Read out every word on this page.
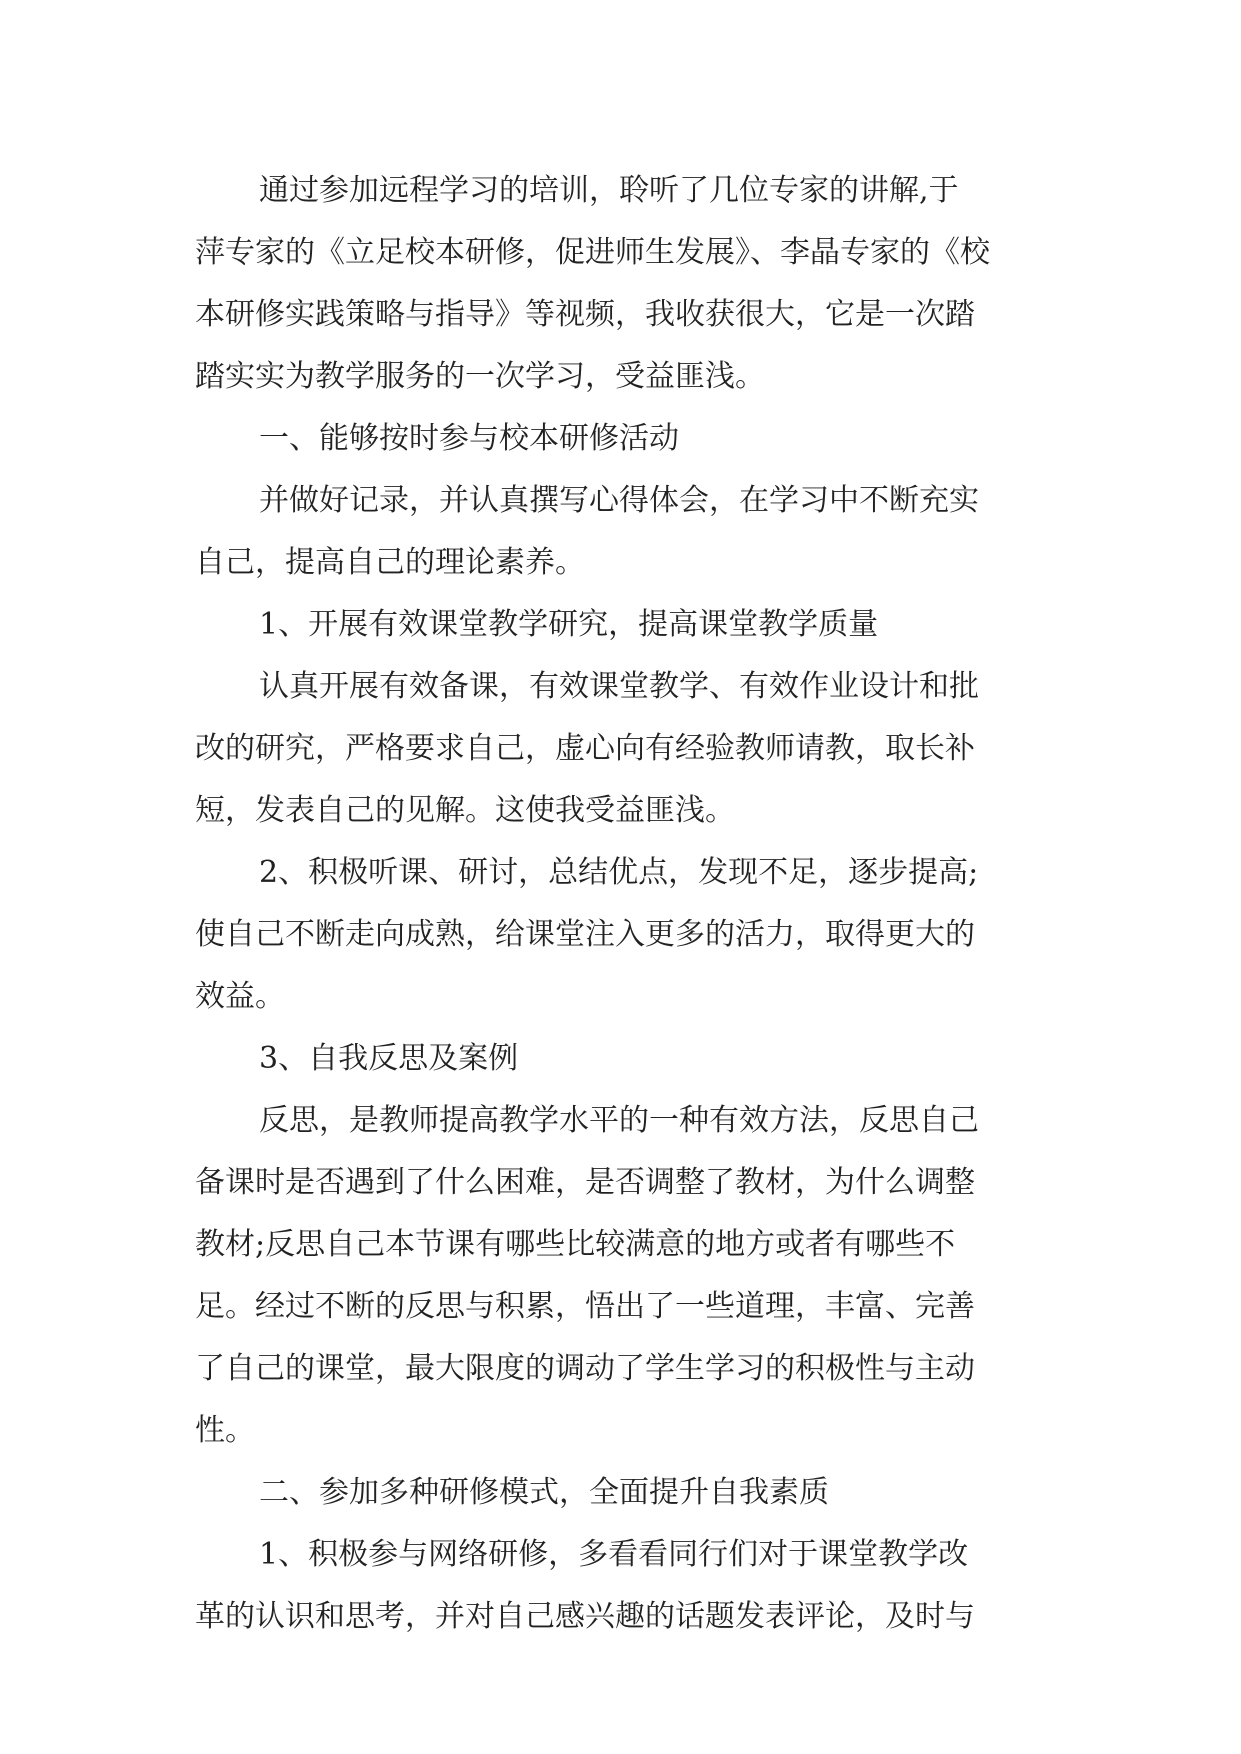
通过参加远程学习的培训，聆听了几位专家的讲解,于
萍专家的《立足校本研修，促进师生发展》、李晶专家的《校
本研修实践策略与指导》等视频，我收获很大，它是一次踏
踏实实为教学服务的一次学习，受益匪浅。

一、能够按时参与校本研修活动

并做好记录，并认真撰写心得体会，在学习中不断充实
自己，提高自己的理论素养。

1、开展有效课堂教学研究，提高课堂教学质量

认真开展有效备课，有效课堂教学、有效作业设计和批
改的研究，严格要求自己，虚心向有经验教师请教，取长补
短，发表自己的见解。这使我受益匪浅。

2、积极听课、研讨，总结优点，发现不足，逐步提高;
使自己不断走向成熟，给课堂注入更多的活力，取得更大的
效益。

3、自我反思及案例

反思，是教师提高教学水平的一种有效方法，反思自己
备课时是否遇到了什么困难，是否调整了教材，为什么调整
教材;反思自己本节课有哪些比较满意的地方或者有哪些不
足。经过不断的反思与积累，悟出了一些道理，丰富、完善
了自己的课堂，最大限度的调动了学生学习的积极性与主动
性。

二、参加多种研修模式，全面提升自我素质

1、积极参与网络研修，多看看同行们对于课堂教学改
革的认识和思考，并对自己感兴趣的话题发表评论，及时与
